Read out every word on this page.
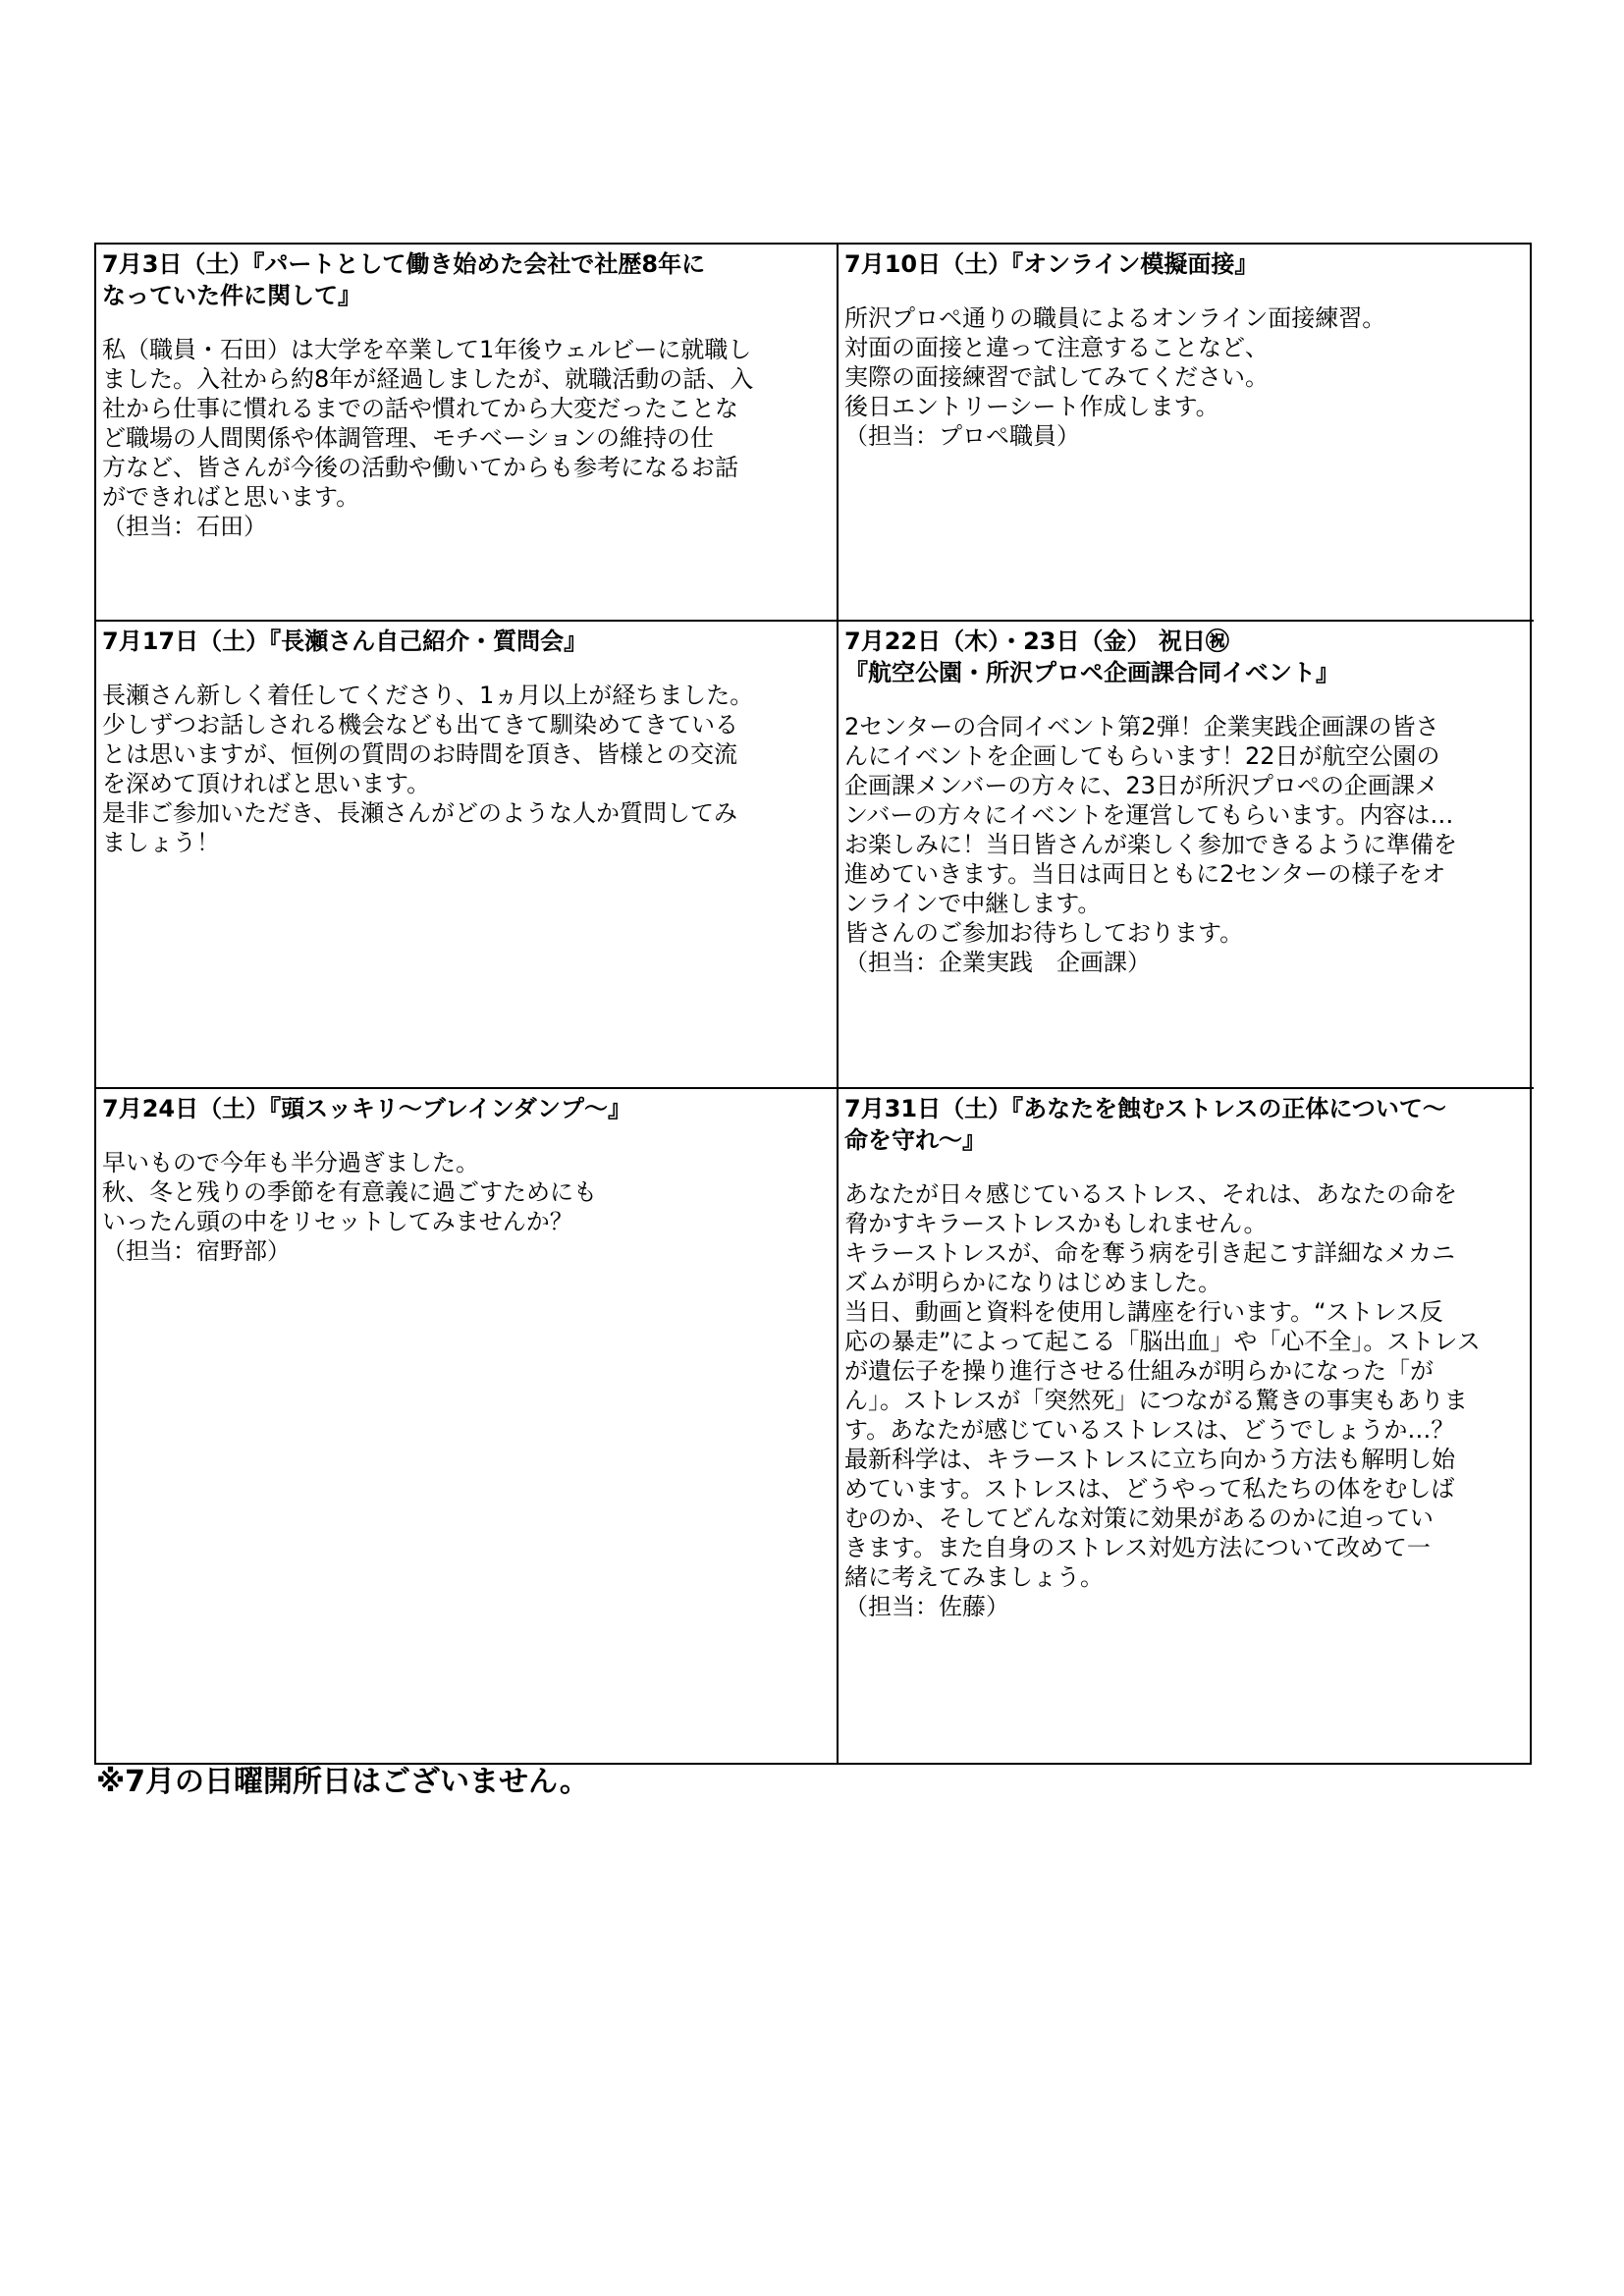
7月3日（土）『パートとして働き始めた会社で社歴8年に
なっていた件に関して』

私（職員・石田）は大学を卒業して1年後ウェルビーに就職し
ました。入社から約8年が経過しましたが、就職活動の話、入
社から仕事に慣れるまでの話や慣れてから大変だったことな
ど職場の人間関係や体調管理、モチベーションの維持の仕
方など、皆さんが今後の活動や働いてからも参考になるお話
ができればと思います。
（担当：石田）

7月10日（土）『オンライン模擬面接』

所沢プロペ通りの職員によるオンライン面接練習。
対面の面接と違って注意することなど、
実際の面接練習で試してみてください。
後日エントリーシート作成します。
（担当：プロペ職員）

7月17日（土）『長瀬さん自己紹介・質問会』

長瀬さん新しく着任してくださり、1ヵ月以上が経ちました。
少しずつお話しされる機会なども出てきて馴染めてきている
とは思いますが、恒例の質問のお時間を頂き、皆様との交流
を深めて頂ければと思います。
是非ご参加いただき、長瀬さんがどのような人か質問してみ
ましょう！

7月22日（木）・23日（金） 祝日㊗
『航空公園・所沢プロペ企画課合同イベント』

2センターの合同イベント第2弾！企業実践企画課の皆さ
んにイベントを企画してもらいます！22日が航空公園の
企画課メンバーの方々に、23日が所沢プロペの企画課メ
ンバーの方々にイベントを運営してもらいます。内容は…
お楽しみに！当日皆さんが楽しく参加できるように準備を
進めていきます。当日は両日ともに2センターの様子をオ
ンラインで中継します。
皆さんのご参加お待ちしております。
（担当：企業実践　企画課）

7月24日（土）『頭スッキリ〜ブレインダンプ〜』

早いもので今年も半分過ぎました。
秋、冬と残りの季節を有意義に過ごすためにも
いったん頭の中をリセットしてみませんか？
（担当：宿野部）

7月31日（土）『あなたを蝕むストレスの正体について〜
命を守れ〜』

あなたが日々感じているストレス、それは、あなたの命を
脅かすキラーストレスかもしれません。
キラーストレスが、命を奪う病を引き起こす詳細なメカニ
ズムが明らかになりはじめました。
当日、動画と資料を使用し講座を行います。“ストレス反
応の暴走”によって起こる「脳出血」や「心不全」。ストレス
が遺伝子を操り進行させる仕組みが明らかになった「が
ん」。ストレスが「突然死」につながる驚きの事実もありま
す。あなたが感じているストレスは、どうでしょうか…？
最新科学は、キラーストレスに立ち向かう方法も解明し始
めています。ストレスは、どうやって私たちの体をむしば
むのか、そしてどんな対策に効果があるのかに迫ってい
きます。また自身のストレス対処方法について改めて一
緒に考えてみましょう。
（担当：佐藤）

※7月の日曜開所日はございません。
